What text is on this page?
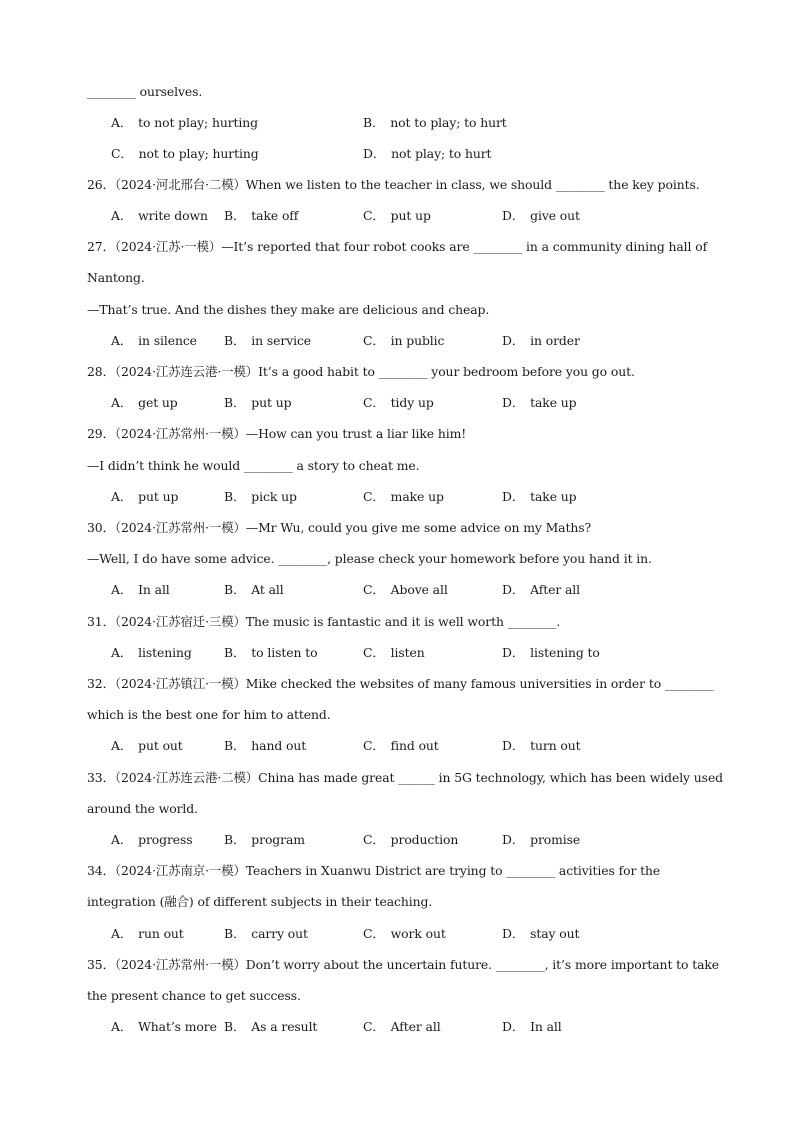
________ ourselves.
A． to not play; hurting	B． not to play; to hurt
C． not to play; hurting	D． not play; to hurt
26．（2024·河北邢台·二模）When we listen to the teacher in class, we should ________ the key points.
A． write down B． take off	C． put up	D． give out
27．（2024·江苏·一模）—It’s reported that four robot cooks are ________ in a community dining hall of
Nantong.
—That’s true. And the dishes they make are delicious and cheap.
A． in silence B． in service	C． in public	D． in order
28．（2024·江苏连云港·一模）It’s a good habit to ________ your bedroom before you go out.
A． get up	B． put up	C． tidy up	D． take up
29．（2024·江苏常州·一模）—How can you trust a liar like him!
—I didn’t think he would ________ a story to cheat me.
A． put up	B． pick up	C． make up	D． take up
30．（2024·江苏常州·一模）—Mr Wu, could you give me some advice on my Maths?
—Well, I do have some advice. ________, please check your homework before you hand it in.
A． In all	B． At all	C． Above all	D． After all
31．（2024·江苏宿迁·三模）The music is fantastic and it is well worth ________.
A． listening	B． to listen to	C． listen	D． listening to
32．（2024·江苏镇江·一模）Mike checked the websites of many famous universities in order to ________
which is the best one for him to attend.
A． put out	B． hand out	C． find out	D． turn out
33．（2024·江苏连云港·二模）China has made great ______ in 5G technology, which has been widely used
around the world.
A． progress	B． program	C． production	D． promise
34．（2024·江苏南京·一模）Teachers in Xuanwu District are trying to ________ activities for the
integration (融合) of different subjects in their teaching.
A． run out	B． carry out	C． work out	D． stay out
35．（2024·江苏常州·一模）Don’t worry about the uncertain future. ________, it’s more important to take
the present chance to get success.
A． What’s more B． As a result	C． After all	D． In all
